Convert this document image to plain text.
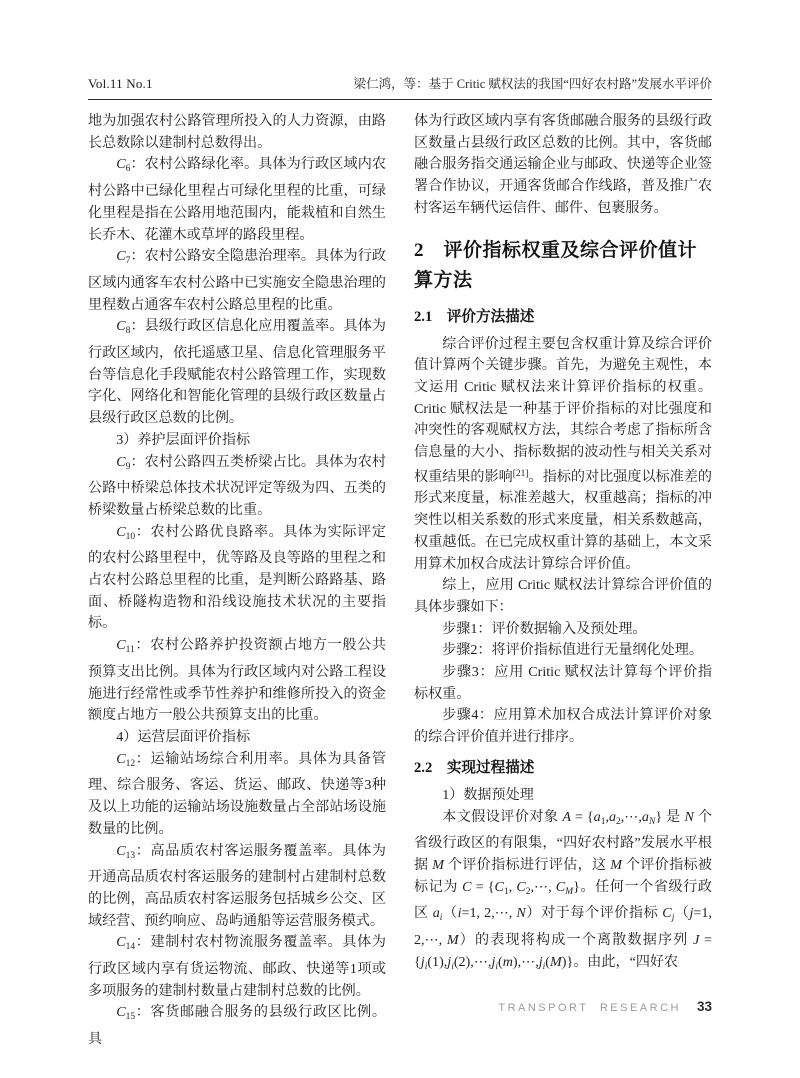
Vol.11 No.1	梁仁鸿，等：基于 Critic 赋权法的我国“四好农村路”发展水平评价

地为加强农村公路管理所投入的人力资源，由路长总数除以建制村总数得出。

$C_6$：农村公路绿化率。具体为行政区域内农村公路中已绿化里程占可绿化里程的比重，可绿化里程是指在公路用地范围内，能栽植和自然生长乔木、花灌木或草坪的路段里程。

$C_7$：农村公路安全隐患治理率。具体为行政区域内通客车农村公路中已实施安全隐患治理的里程数占通客车农村公路总里程的比重。

$C_8$：县级行政区信息化应用覆盖率。具体为行政区域内，依托遥感卫星、信息化管理服务平台等信息化手段赋能农村公路管理工作，实现数字化、网络化和智能化管理的县级行政区数量占县级行政区总数的比例。

3）养护层面评价指标

$C_9$：农村公路四五类桥梁占比。具体为农村公路中桥梁总体技术状况评定等级为四、五类的桥梁数量占桥梁总数的比重。

$C_{10}$：农村公路优良路率。具体为实际评定的农村公路里程中，优等路及良等路的里程之和占农村公路总里程的比重，是判断公路路基、路面、桥隧构造物和沿线设施技术状况的主要指标。

$C_{11}$：农村公路养护投资额占地方一般公共预算支出比例。具体为行政区域内对公路工程设施进行经常性或季节性养护和维修所投入的资金额度占地方一般公共预算支出的比重。

4）运营层面评价指标

$C_{12}$：运输站场综合利用率。具体为具备管理、综合服务、客运、货运、邮政、快递等3种及以上功能的运输站场设施数量占全部站场设施数量的比例。

$C_{13}$：高品质农村客运服务覆盖率。具体为开通高品质农村客运服务的建制村占建制村总数的比例，高品质农村客运服务包括城乡公交、区域经营、预约响应、岛屿通船等运营服务模式。

$C_{14}$：建制村农村物流服务覆盖率。具体为行政区域内享有货运物流、邮政、快递等1项或多项服务的建制村数量占建制村总数的比例。

$C_{15}$：客货邮融合服务的县级行政区比例。具

体为行政区域内享有客货邮融合服务的县级行政区数量占县级行政区总数的比例。其中，客货邮融合服务指交通运输企业与邮政、快递等企业签署合作协议，开通客货邮合作线路，普及推广农村客运车辆代运信件、邮件、包裹服务。

2　评价指标权重及综合评价值计算方法
2.1　评价方法描述

综合评价过程主要包含权重计算及综合评价值计算两个关键步骤。首先，为避免主观性，本文运用 Critic 赋权法来计算评价指标的权重。Critic 赋权法是一种基于评价指标的对比强度和冲突性的客观赋权方法，其综合考虑了指标所含信息量的大小、指标数据的波动性与相关关系对权重结果的影响[21]。指标的对比强度以标准差的形式来度量，标准差越大，权重越高；指标的冲突性以相关系数的形式来度量，相关系数越高，权重越低。在已完成权重计算的基础上，本文采用算术加权合成法计算综合评价值。

综上，应用 Critic 赋权法计算综合评价值的具体步骤如下：

步骤1：评价数据输入及预处理。

步骤2：将评价指标值进行无量纲化处理。

步骤3：应用 Critic 赋权法计算每个评价指标权重。

步骤4：应用算术加权合成法计算评价对象的综合评价值并进行排序。

2.2　实现过程描述

1）数据预处理

本文假设评价对象 $A = \{a_1,a_2,\cdots,a_N\}$ 是 N 个省级行政区的有限集，“四好农村路”发展水平根据 M 个评价指标进行评估，这 M 个评价指标被标记为 $C = \{C_1$, $C_2,\cdots$, $C_M$}。任何一个省级行政区 $a_i(i=1$, 2,⋯, N）对于每个评价指标 $C_j(j=1$, 2,⋯, M）的表现将构成一个离散数据序列 $J = \{j_i(1),j_i(2),\cdots,j_i(m),\cdots,j_i(M)\}$。由此，“四好农

TRANSPORT RESEARCH 33
